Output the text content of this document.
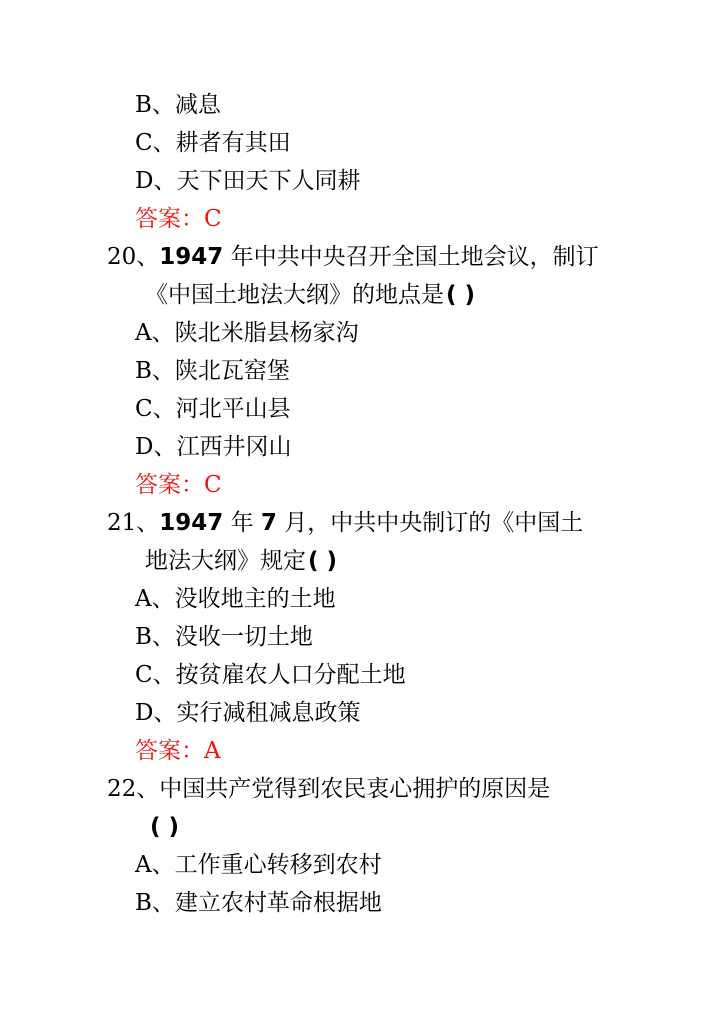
B、减息
C、耕者有其田
D、天下田天下人同耕
答案：C
20、1947 年中共中央召开全国土地会议，制订
《中国土地法大纲》的地点是( )
A、陕北米脂县杨家沟
B、陕北瓦窑堡
C、河北平山县
D、江西井冈山
答案：C
21、1947 年 7 月，中共中央制订的《中国土
地法大纲》规定( )
A、没收地主的土地
B、没收一切土地
C、按贫雇农人口分配土地
D、实行减租减息政策
答案：A
22、中国共产党得到农民衷心拥护的原因是
( )
A、工作重心转移到农村
B、建立农村革命根据地
